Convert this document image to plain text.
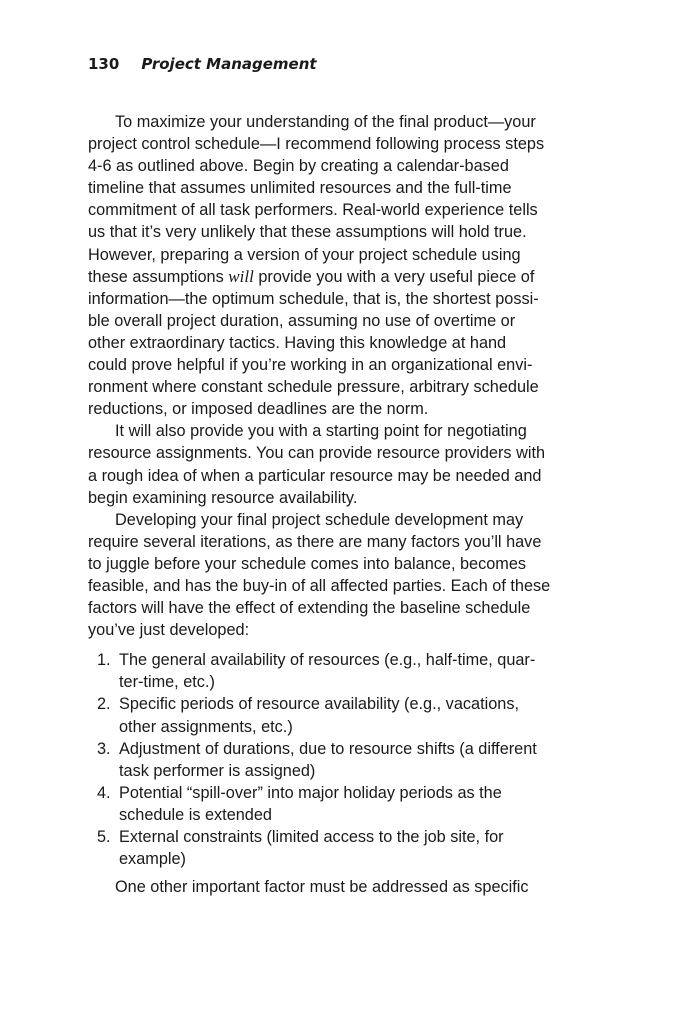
130 Project Management
To maximize your understanding of the final product—your
project control schedule—I recommend following process steps
4-6 as outlined above. Begin by creating a calendar-based
timeline that assumes unlimited resources and the full-time
commitment of all task performers. Real-world experience tells
us that it’s very unlikely that these assumptions will hold true.
However, preparing a version of your project schedule using
these assumptions will provide you with a very useful piece of
information—the optimum schedule, that is, the shortest possi-
ble overall project duration, assuming no use of overtime or
other extraordinary tactics. Having this knowledge at hand
could prove helpful if you’re working in an organizational envi-
ronment where constant schedule pressure, arbitrary schedule
reductions, or imposed deadlines are the norm.
It will also provide you with a starting point for negotiating
resource assignments. You can provide resource providers with
a rough idea of when a particular resource may be needed and
begin examining resource availability.
Developing your final project schedule development may
require several iterations, as there are many factors you’ll have
to juggle before your schedule comes into balance, becomes
feasible, and has the buy-in of all affected parties. Each of these
factors will have the effect of extending the baseline schedule
you’ve just developed:
1. The general availability of resources (e.g., half-time, quar-
ter-time, etc.)
2. Specific periods of resource availability (e.g., vacations,
other assignments, etc.)
3. Adjustment of durations, due to resource shifts (a different
task performer is assigned)
4. Potential “spill-over” into major holiday periods as the
schedule is extended
5. External constraints (limited access to the job site, for
example)
One other important factor must be addressed as specific
